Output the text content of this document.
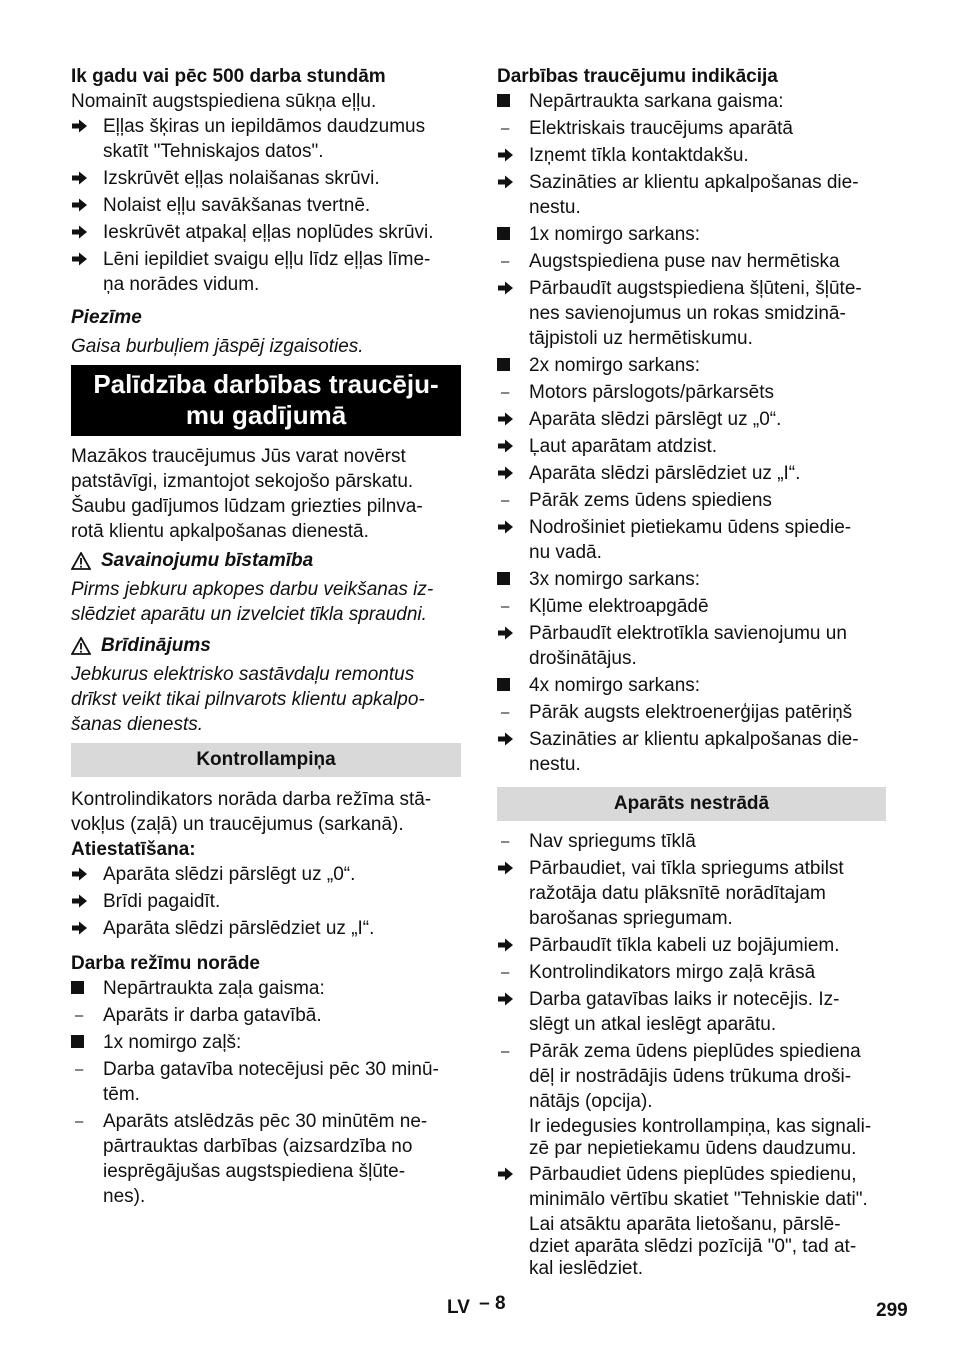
Ik gadu vai pēc 500 darba stundām
Nomainīt augstspiediena sūkņa eļļu.
Eļļas šķiras un iepildāmos daudzumus
skatīt "Tehniskajos datos".
Izskrūvēt eļļas nolaišanas skrūvi.
Nolaist eļļu savākšanas tvertnē.
Ieskrūvēt atpakaļ eļļas noplūdes skrūvi.
Lēni iepildiet svaigu eļļu līdz eļļas līme-
ņa norādes vidum.
Piezīme
Gaisa burbuļiem jāspēj izgaisoties.
Palīdzība darbības traucēju-
mu gadījumā
Mazākos traucējumus Jūs varat novērst
patstāvīgi, izmantojot sekojošo pārskatu.
Šaubu gadījumos lūdzam griezties pilnva-
rotā klientu apkalpošanas dienestā.
Savainojumu bīstamība
Pirms jebkuru apkopes darbu veikšanas iz-
slēdziet aparātu un izvelciet tīkla spraudni.
Brīdinājums
Jebkurus elektrisko sastāvdaļu remontus
drīkst veikt tikai pilnvarots klientu apkalpo-
šanas dienests.
Kontrollampiņa
Kontrolindikators norāda darba režīma stā-
vokļus (zaļā) un traucējumus (sarkanā).
Atiestatīšana:
Aparāta slēdzi pārslēgt uz „0“.
Brīdi pagaidīt.
Aparāta slēdzi pārslēdziet uz „I“.
Darba režīmu norāde
Nepārtraukta zaļa gaisma:
–	Aparāts ir darba gatavībā.
1x nomirgo zaļš:
–	Darba gatavība notecējusi pēc 30 minū-
tēm.
–	Aparāts atslēdzās pēc 30 minūtēm ne-
pārtrauktas darbības (aizsardzība no
iesprēgājušas augstspiediena šļūte-
nes).
Darbības traucējumu indikācija
Nepārtraukta sarkana gaisma:
–	Elektriskais traucējums aparātā
Izņemt tīkla kontaktdakšu.
Sazināties ar klientu apkalpošanas die-
nestu.
1x nomirgo sarkans:
–	Augstspiediena puse nav hermētiska
Pārbaudīt augstspiediena šļūteni, šļūte-
nes savienojumus un rokas smidzinā-
tājpistoli uz hermētiskumu.
2x nomirgo sarkans:
–	Motors pārslogots/pārkarsēts
Aparāta slēdzi pārslēgt uz „0“.
Ļaut aparātam atdzist.
Aparāta slēdzi pārslēdziet uz „I“.
–	Pārāk zems ūdens spiediens
Nodrošiniet pietiekamu ūdens spiedie-
nu vadā.
3x nomirgo sarkans:
–	Kļūme elektroapgādē
Pārbaudīt elektrotīkla savienojumu un
drošinātājus.
4x nomirgo sarkans:
–	Pārāk augsts elektroenerģijas patēriņš
Sazināties ar klientu apkalpošanas die-
nestu.
Aparāts nestrādā
–	Nav spriegums tīklā
Pārbaudiet, vai tīkla spriegums atbilst
ražotāja datu plāksnītē norādītajam
barošanas spriegumam.
Pārbaudīt tīkla kabeli uz bojājumiem.
–	Kontrolindikators mirgo zaļā krāsā
Darba gatavības laiks ir notecējis. Iz-
slēgt un atkal ieslēgt aparātu.
–	Pārāk zema ūdens pieplūdes spiediena
dēļ ir nostrādājis ūdens trūkuma droši-
nātājs (opcija).
Ir iedegusies kontrollampiņa, kas signali-
zē par nepietiekamu ūdens daudzumu.
Pārbaudiet ūdens pieplūdes spiedienu,
minimālo vērtību skatiet "Tehniskie dati".
Lai atsāktu aparāta lietošanu, pārslē-
dziet aparāta slēdzi pozīcijā "0", tad at-
kal ieslēdziet.
LV – 8	299
